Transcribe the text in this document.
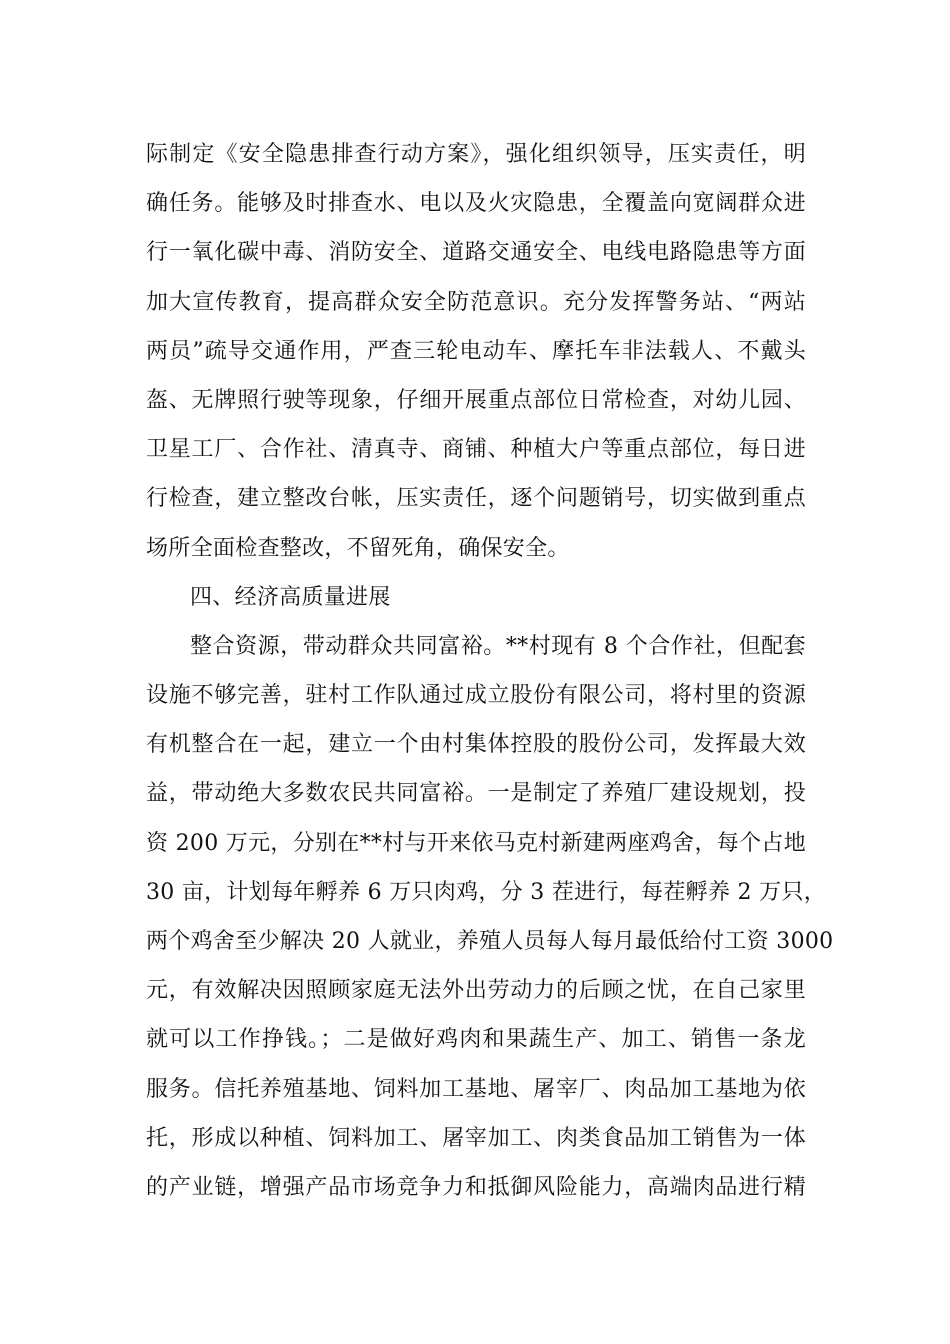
际制定《安全隐患排查行动方案》，强化组织领导，压实责任，明
确任务。能够及时排查水、电以及火灾隐患，全覆盖向宽阔群众进
行一氧化碳中毒、消防安全、道路交通安全、电线电路隐患等方面
加大宣传教育，提高群众安全防范意识。充分发挥警务站、“两站
两员”疏导交通作用，严查三轮电动车、摩托车非法载人、不戴头
盔、无牌照行驶等现象，仔细开展重点部位日常检查，对幼儿园、
卫星工厂、合作社、清真寺、商铺、种植大户等重点部位，每日进
行检查，建立整改台帐，压实责任，逐个问题销号，切实做到重点
场所全面检查整改，不留死角，确保安全。
四、经济高质量进展
整合资源，带动群众共同富裕。**村现有 8 个合作社，但配套
设施不够完善，驻村工作队通过成立股份有限公司，将村里的资源
有机整合在一起，建立一个由村集体控股的股份公司，发挥最大效
益，带动绝大多数农民共同富裕。一是制定了养殖厂建设规划，投
资 200 万元，分别在**村与开来依马克村新建两座鸡舍，每个占地
30 亩，计划每年孵养 6 万只肉鸡，分 3 茬进行，每茬孵养 2 万只，
两个鸡舍至少解决 20 人就业，养殖人员每人每月最低给付工资 3000
元，有效解决因照顾家庭无法外出劳动力的后顾之忧，在自己家里
就可以工作挣钱。；二是做好鸡肉和果蔬生产、加工、销售一条龙
服务。信托养殖基地、饲料加工基地、屠宰厂、肉品加工基地为依
托，形成以种植、饲料加工、屠宰加工、肉类食品加工销售为一体
的产业链，增强产品市场竞争力和抵御风险能力，高端肉品进行精
